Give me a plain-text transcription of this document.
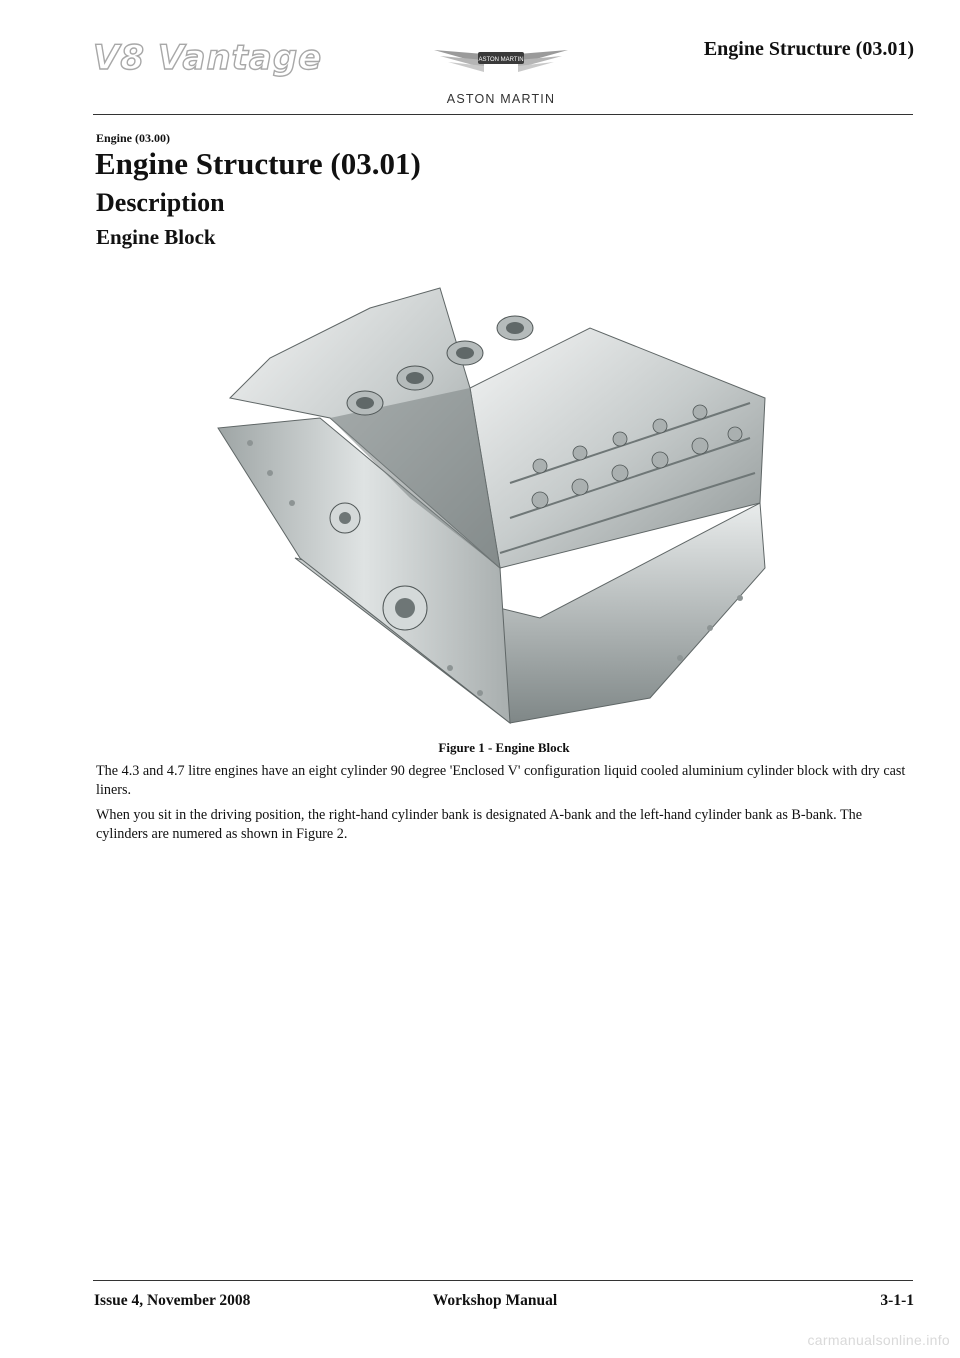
V8 Vantage	ASTON MARTIN
ASTON MARTIN
Engine Structure (03.01)
Engine (03.00)
Engine Structure (03.01)
Description
Engine Block
Figure 1 - Engine Block

The 4.3 and 4.7 litre engines have an eight cylinder 90 degree 'Enclosed V' configuration liquid cooled aluminium cylinder block with dry cast liners.

When you sit in the driving position, the right-hand cylinder bank is designated A-bank and the left-hand cylinder bank as B-bank. The cylinders are numered as shown in Figure 2.

Issue 4, November 2008	Workshop Manual	3-1-1
carmanualsonline.info
